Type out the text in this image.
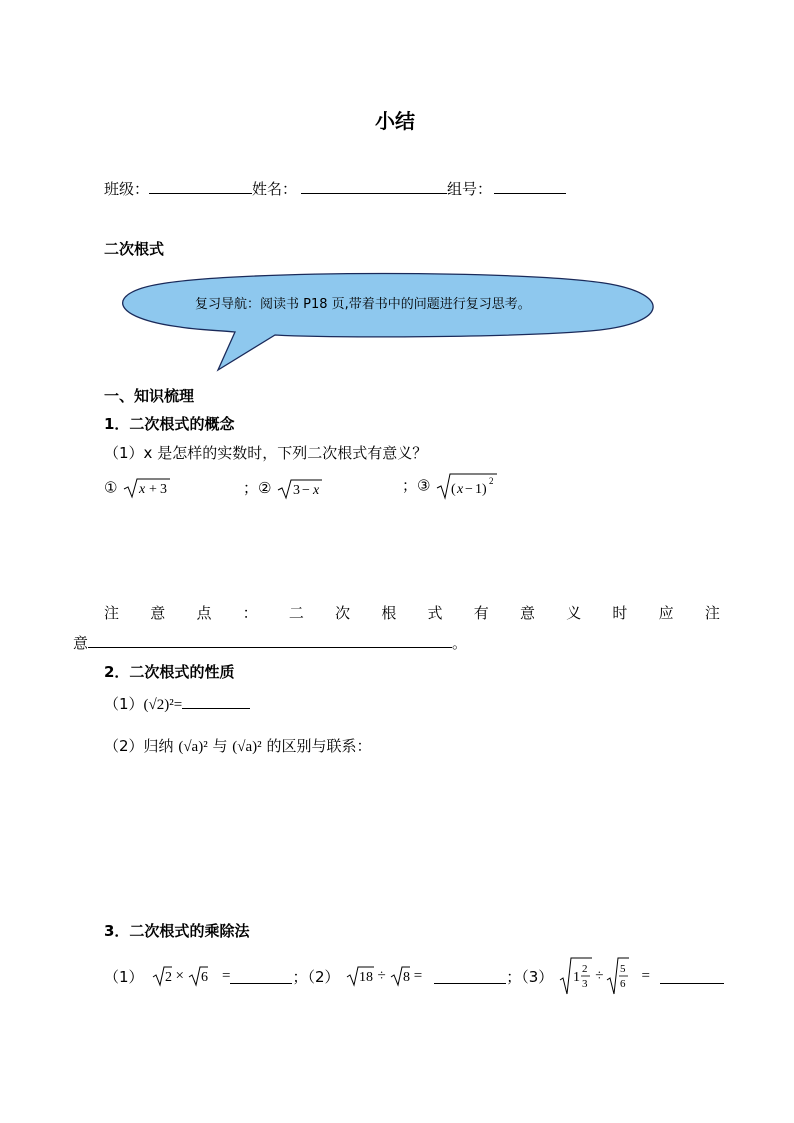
小结
班级：	姓名：	组号：
二次根式
复习导航：阅读书 P18 页,带着书中的问题进行复习思考。
一、知识梳理
1．二次根式的概念
（1）x 是怎样的实数时，下列二次根式有意义？
① x + 3	；② 3 − x	；③ ( x − 1)
2
注 意 点 ： 二 次 根 式 有 意 义 时 应 注
意	。
2．二次根式的性质
（1）(√2)²=
（2）归纳 (√a)² 与 (√a)² 的区别与联系：
3．二次根式的乘除法
（1） 2 × 6 =	；（2） 18 ÷ 8 =	；（3） 1
2
3
÷ 5
6
=
